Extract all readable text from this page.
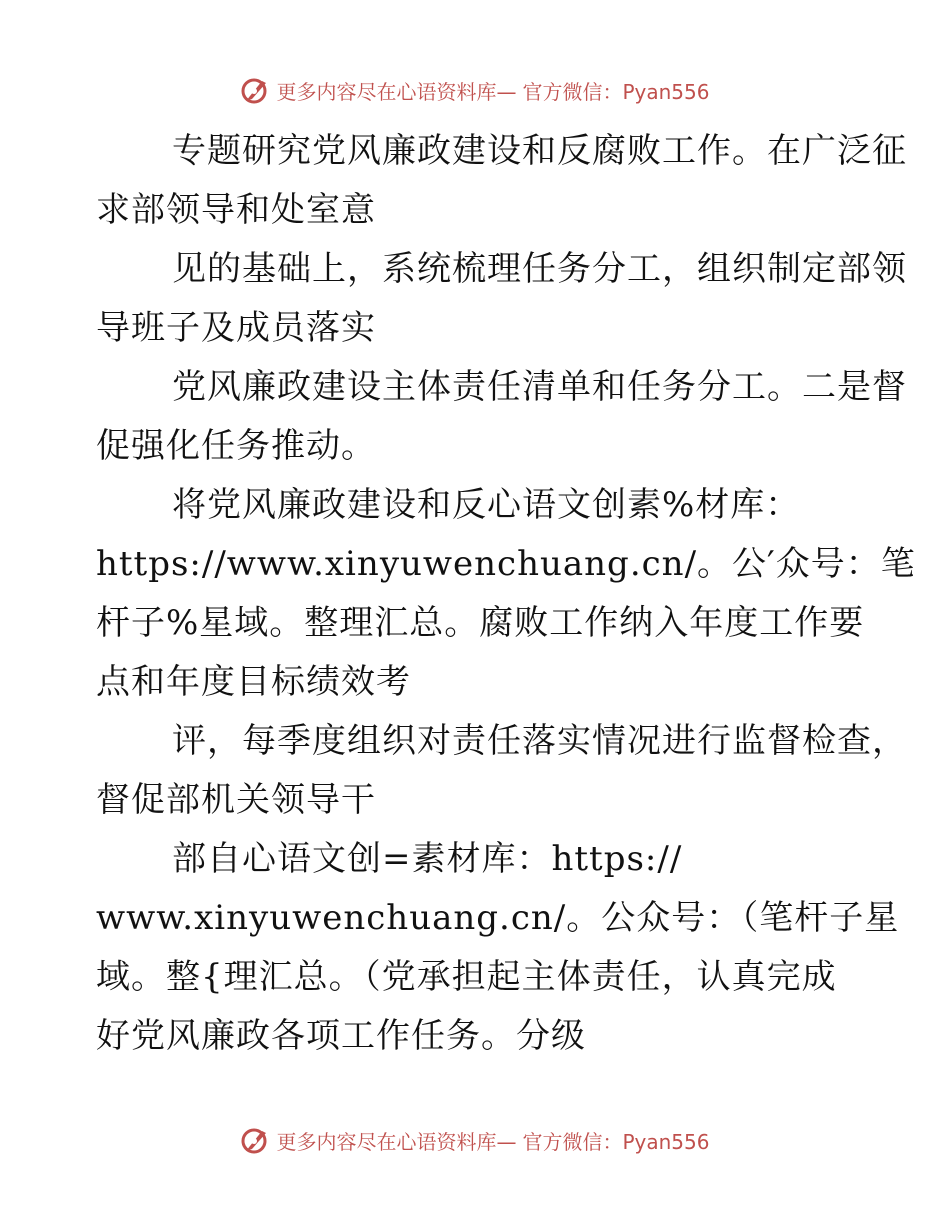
更多内容尽在心语资料库— 官方微信：Pyan556
专题研究党风廉政建设和反腐败工作。在广泛征
求部领导和处室意
见的基础上，系统梳理任务分工，组织制定部领
导班子及成员落实
党风廉政建设主体责任清单和任务分工。二是督
促强化任务推动。
将党风廉政建设和反心语文创素%材库：
https://www.xinyuwenchuang.cn/。公′众号：笔
杆子%星域。整理汇总。腐败工作纳入年度工作要
点和年度目标绩效考
评，每季度组织对责任落实情况进行监督检查，
督促部机关领导干
部自心语文创=素材库：https://
www.xinyuwenchuang.cn/。公众号：（笔杆子星
域。整{理汇总。（党承担起主体责任，认真完成
好党风廉政各项工作任务。分级
更多内容尽在心语资料库— 官方微信：Pyan556
